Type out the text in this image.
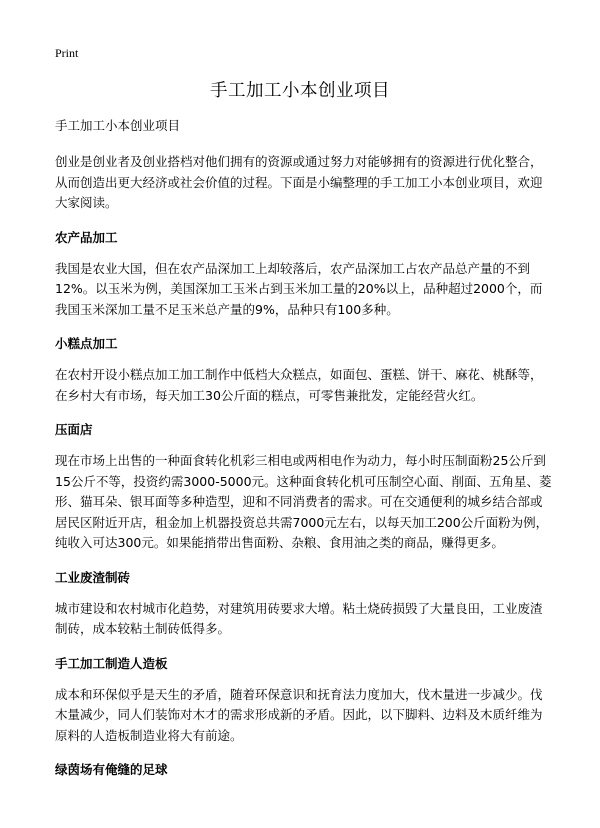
Print
手工加工小本创业项目

手工加工小本创业项目

创业是创业者及创业搭档对他们拥有的资源或通过努力对能够拥有的资源进行优化整合，从而创造出更大经济或社会价值的过程。下面是小编整理的手工加工小本创业项目，欢迎大家阅读。

农产品加工

我国是农业大国，但在农产品深加工上却较落后，农产品深加工占农产品总产量的不到12%。以玉米为例，美国深加工玉米占到玉米加工量的20%以上，品种超过2000个，而我国玉米深加工量不足玉米总产量的9%，品种只有100多种。

小糕点加工

在农村开设小糕点加工加工制作中低档大众糕点，如面包、蛋糕、饼干、麻花、桃酥等，在乡村大有市场，每天加工30公斤面的糕点，可零售兼批发，定能经营火红。

压面店

现在市场上出售的一种面食转化机彩三相电或两相电作为动力，每小时压制面粉25公斤到15公斤不等，投资约需3000-5000元。这种面食转化机可压制空心面、削面、五角星、菱形、猫耳朵、银耳面等多种造型，迎和不同消费者的需求。可在交通便利的城乡结合部或居民区附近开店，租金加上机器投资总共需7000元左右，以每天加工200公斤面粉为例，纯收入可达300元。如果能捎带出售面粉、杂粮、食用油之类的商品，赚得更多。

工业废渣制砖

城市建设和农村城市化趋势，对建筑用砖要求大增。粘土烧砖损毁了大量良田，工业废渣制砖，成本较粘土制砖低得多。

手工加工制造人造板

成本和环保似乎是天生的矛盾，随着环保意识和抚育法力度加大，伐木量进一步减少。伐木量减少，同人们装饰对木才的需求形成新的矛盾。因此，以下脚料、边料及木质纤维为原料的人造板制造业将大有前途。

绿茵场有俺缝的足球
